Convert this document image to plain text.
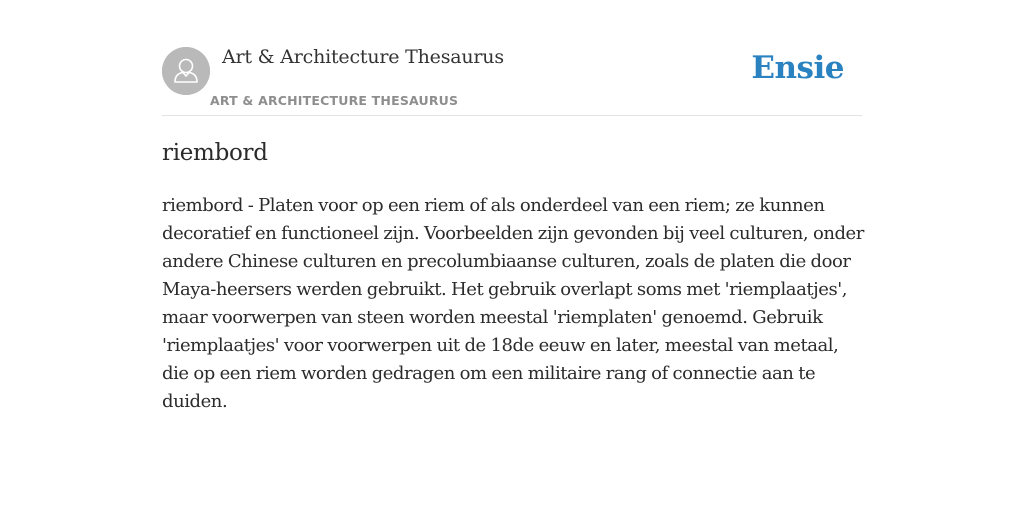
Art & Architecture Thesaurus
ART & ARCHITECTURE THESAURUS
Ensie
riembord

riembord - Platen voor op een riem of als onderdeel van een riem; ze kunnen decoratief en functioneel zijn. Voorbeelden zijn gevonden bij veel culturen, onder andere Chinese culturen en precolumbiaanse culturen, zoals de platen die door Maya-heersers werden gebruikt. Het gebruik overlapt soms met 'riemplaatjes', maar voorwerpen van steen worden meestal 'riemplaten' genoemd. Gebruik 'riemplaatjes' voor voorwerpen uit de 18de eeuw en later, meestal van metaal, die op een riem worden gedragen om een militaire rang of connectie aan te duiden.
